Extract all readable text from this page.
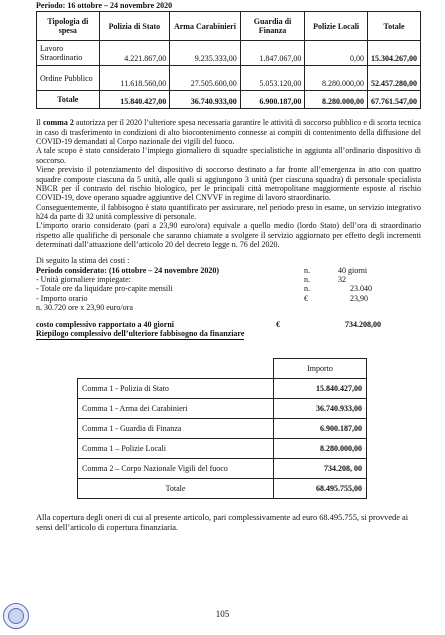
Periodo: 16 ottobre – 24 novembre 2020

Tipologia di spesa	Polizia di Stato	Arma Carabinieri	Guardia di Finanza	Polizie Locali	Totale
Lavoro Straordinario	4.221.867,00	9.235.333,00	1.847.067,00	0,00	15.304.267,00
Ordine Pubblico	11.618.560,00	27.505.600,00	5.053.120,00	8.280.000,00	52.457.280,00
Totale	15.840.427,00	36.740.933,00	6.900.187,00	8.280.000,00	67.761.547,00

Il comma 2 autorizza per il 2020 l’ulteriore spesa necessaria garantire le attività di soccorso pubblico e di scorta tecnica in caso di trasferimento in condizioni di alto biocontenimento connesse ai compiti di contenimento della diffusione del COVID-19 demandati al Corpo nazionale dei vigili del fuoco.

A tale scopo è stato considerato l’impiego giornaliero di squadre specialistiche in aggiunta all’ordinario dispositivo di soccorso.

Viene previsto il potenziamento del dispositivo di soccorso destinato a far fronte all’emergenza in atto con quattro squadre composte ciascuna da 5 unità, alle quali si aggiungono 3 unità (per ciascuna squadra) di personale specialista NBCR per il contrasto del rischio biologico, per le principali città metropolitane maggiormente esposte al rischio COVID-19, dove operano squadre aggiuntive del CNVVF in regime di lavoro straordinario.

Conseguentemente, il fabbisogno è stato quantificato per assicurare, nel periodo preso in esame, un servizio integrativo h24 da parte di 32 unità complessive di personale.

L’importo orario considerato (pari a 23,90 euro/ora) equivale a quello medio (lordo Stato) dell’ora di straordinario rispetto alle qualifiche di personale che saranno chiamate a svolgere il servizio aggiornato per effetto degli incrementi determinati dall’attuazione dell’articolo 20 del decreto legge n. 76 del 2020.

Di seguito la stima dei costi :
Periodo considerato: (16 ottobre – 24 novembre 2020)	n.	40 giorni
- Unità giornaliere impiegate:	n.	32
- Totale ore da liquidare pro-capite mensili	n.	23.040
- Importo orario	€	23,90
n. 30.720 ore x 23,90 euro/ora
costo complessivo rapportato a 40 giorni	€	734.208,00
Riepilogo complessivo dell’ulteriore fabbisogno da finanziare
	Importo
Comma 1 - Polizia di Stato	15.840.427,00
Comma 1 - Arma dei Carabinieri	36.740.933,00
Comma 1 - Guardia di Finanza	6.900.187,00
Comma 1 – Polizie Locali	8.280.000,00
Comma 2 – Corpo Nazionale Vigili del fuoco	734.208, 00
Totale	68.495.755,00

Alla copertura degli oneri di cui al presente articolo, pari complessivamente ad euro 68.495.755, si provvede ai sensi dell’articolo di copertura finanziaria.

105
